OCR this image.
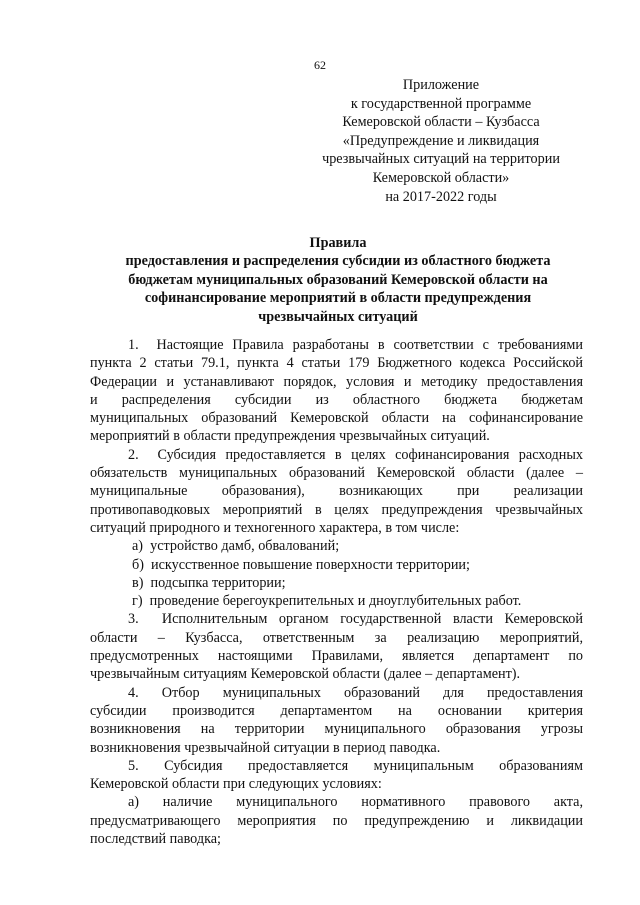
62
Приложение
к государственной программе
Кемеровской области – Кузбасса
«Предупреждение и ликвидация
чрезвычайных ситуаций на территории
Кемеровской области»
на 2017-2022 годы
Правила
предоставления и распределения субсидии из областного бюджета
бюджетам муниципальных образований Кемеровской области на
софинансирование мероприятий в области предупреждения
чрезвычайных ситуаций
1.  Настоящие Правила разработаны в соответствии с требованиями
пункта 2 статьи 79.1, пункта 4 статьи 179 Бюджетного кодекса Российской
Федерации и устанавливают порядок, условия и методику предоставления
и распределения субсидии из областного бюджета бюджетам
муниципальных образований Кемеровской области на софинансирование
мероприятий в области предупреждения чрезвычайных ситуаций.
2.  Субсидия предоставляется в целях софинансирования расходных
обязательств муниципальных образований Кемеровской области (далее –
муниципальные образования), возникающих при реализации
противопаводковых мероприятий в целях предупреждения чрезвычайных
ситуаций природного и техногенного характера, в том числе:
а)  устройство дамб, обвалований;
б)  искусственное повышение поверхности территории;
в)  подсыпка территории;
г)  проведение берегоукрепительных и дноуглубительных работ.
3.  Исполнительным органом государственной власти Кемеровской
области – Кузбасса, ответственным за реализацию мероприятий,
предусмотренных настоящими Правилами, является департамент по
чрезвычайным ситуациям Кемеровской области (далее – департамент).
4. Отбор муниципальных образований для предоставления
субсидии производится департаментом на основании критерия
возникновения на территории муниципального образования угрозы
возникновения чрезвычайной ситуации в период паводка.
5. Субсидия предоставляется муниципальным образованиям
Кемеровской области при следующих условиях:
а) наличие муниципального нормативного правового акта,
предусматривающего мероприятия по предупреждению и ликвидации
последствий паводка;
